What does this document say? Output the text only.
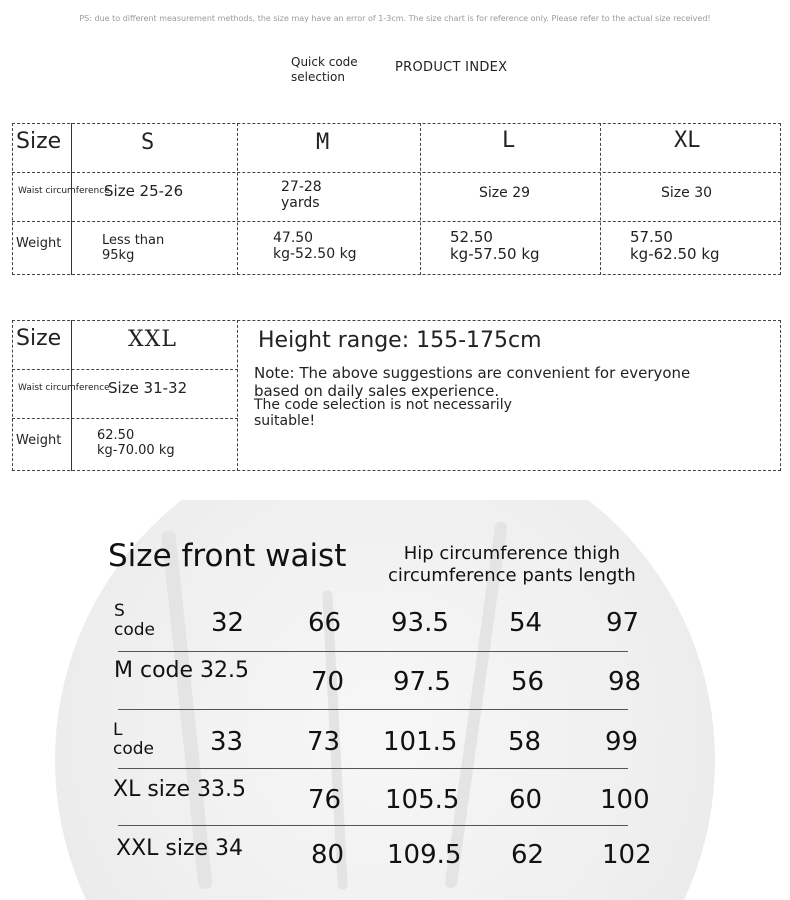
PS: due to different measurement methods, the size may have an error of 1-3cm. The size chart is for reference only. Please refer to the actual size received!
Quick code
selection
PRODUCT INDEX
Size
Waist circumference
Weight
S
Size 25-26
Less than
95kg
M
27-28
yards
47.50
kg-52.50 kg
L
Size 29
52.50
kg-57.50 kg
XL
Size 30
57.50
kg-62.50 kg
Size
Waist circumference
Weight
XXL
Size 31-32
62.50
kg-70.00 kg
Height range: 155-175cm
Note: The above suggestions are convenient for everyone
based on daily sales experience.
The code selection is not necessarily
suitable!
Size front waist	Hip circumference thigh
circumference pants length
S
code 32 66 93.5 54 97
M code 32.5 70 97.5 56 98
L
code 33 73 101.5 58 99
XL size 33.5 76 105.5 60 100
XXL size 34	80 109.5 62 102
